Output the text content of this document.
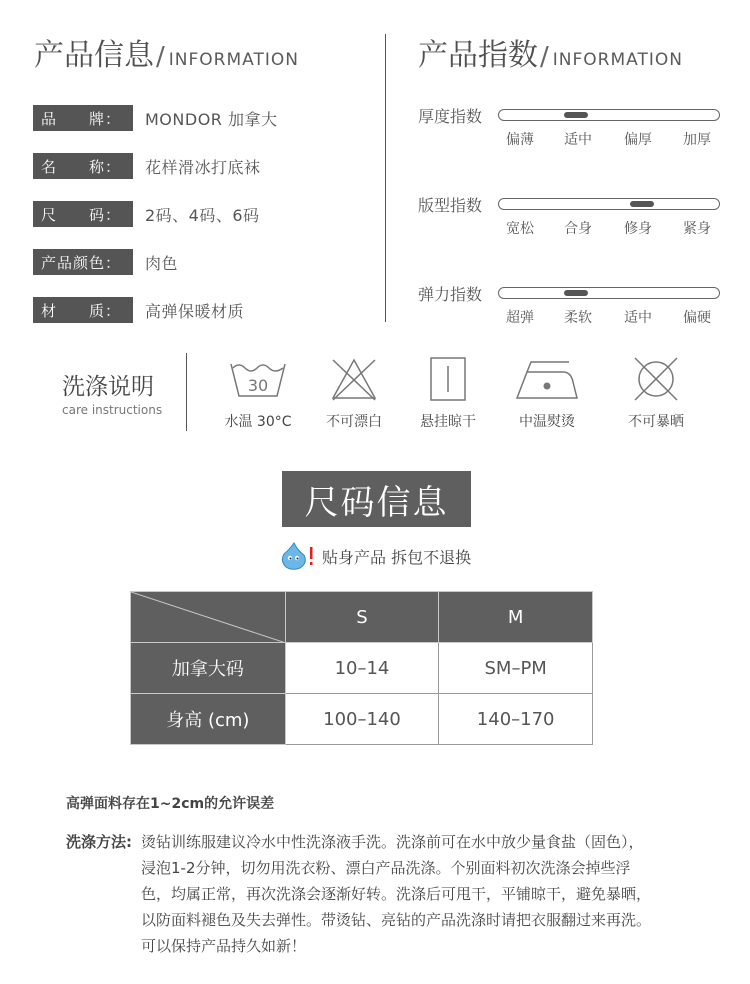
产品信息/ INFORMATION	产品指数/ INFORMATION
品　　牌：	MONDOR 加拿大
名　　称：	花样滑冰打底袜
尺　　码：	2码、4码、6码
产品颜色：	肉色
材　　质：	高弹保暖材质
厚度指数
偏薄 适中 偏厚 加厚
版型指数
宽松 合身 修身 紧身
弹力指数
超弹 柔软 适中 偏硬
洗涤说明
care instructions
30
水温 30°C	不可漂白	悬挂晾干	中温熨烫	不可暴晒
尺码信息
贴身产品 拆包不退换
	S	M
加拿大码	10–14	SM–PM
身高 (cm)	100–140	140–170
高弹面料存在1~2cm的允许误差
洗涤方法: 烫钻训练服建议冷水中性洗涤液手洗。洗涤前可在水中放少量食盐（固色），浸泡1-2分钟，切勿用洗衣粉、漂白产品洗涤。个别面料初次洗涤会掉些浮色，均属正常，再次洗涤会逐渐好转。洗涤后可甩干，平铺晾干，避免暴晒，以防面料褪色及失去弹性。带烫钻、亮钻的产品洗涤时请把衣服翻过来再洗。可以保持产品持久如新！
